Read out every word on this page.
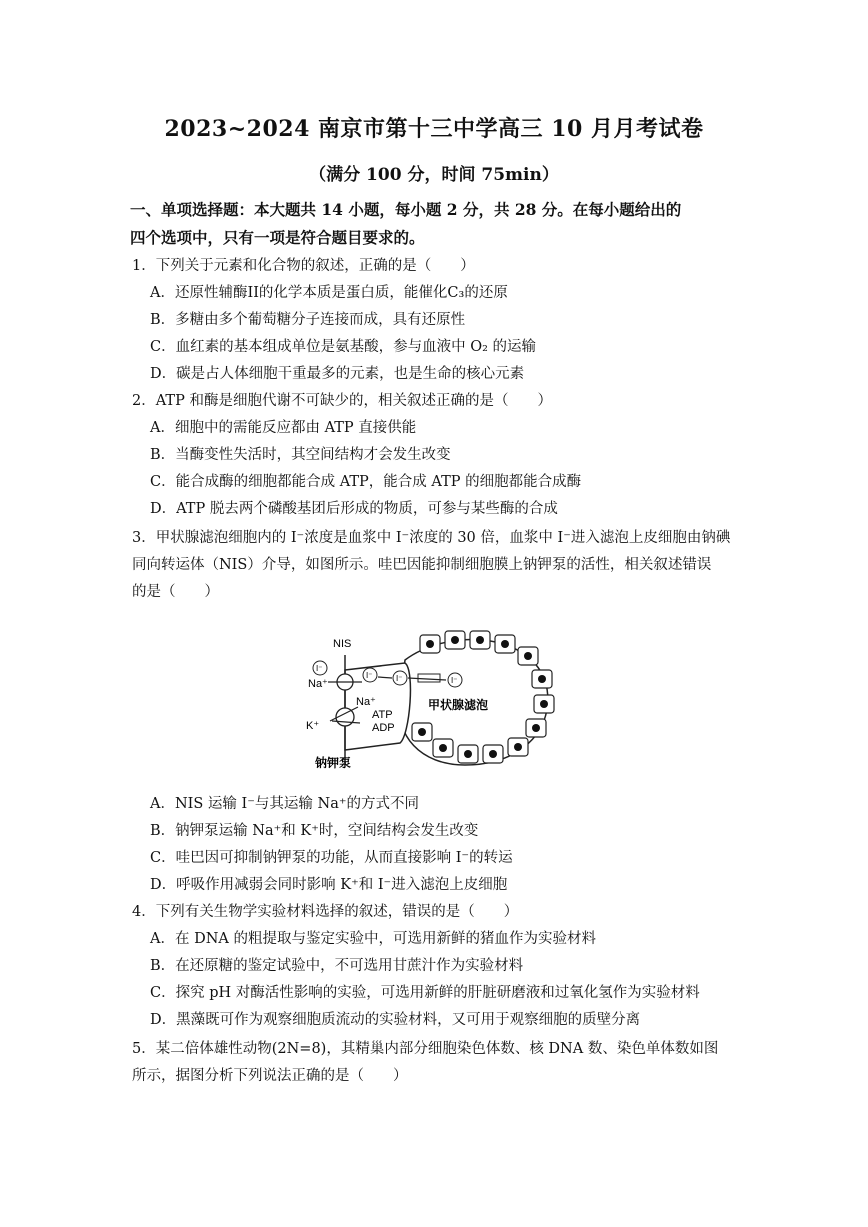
2023~2024 南京市第十三中学高三 10 月月考试卷
（满分 100 分，时间 75min）
一、单项选择题：本大题共 14 小题，每小题 2 分，共 28 分。在每小题给出的
四个选项中，只有一项是符合题目要求的。
1．下列关于元素和化合物的叙述，正确的是（　　）
A．还原性辅酶II的化学本质是蛋白质，能催化C₃的还原
B．多糖由多个葡萄糖分子连接而成，具有还原性
C．血红素的基本组成单位是氨基酸，参与血液中 O₂ 的运输
D．碳是占人体细胞干重最多的元素，也是生命的核心元素
2．ATP 和酶是细胞代谢不可缺少的，相关叙述正确的是（　　）
A．细胞中的需能反应都由 ATP 直接供能
B．当酶变性失活时，其空间结构才会发生改变
C．能合成酶的细胞都能合成 ATP，能合成 ATP 的细胞都能合成酶
D．ATP 脱去两个磷酸基团后形成的物质，可参与某些酶的合成
3．甲状腺滤泡细胞内的 I⁻浓度是血浆中 I⁻浓度的 30 倍，血浆中 I⁻进入滤泡上皮细胞由钠碘
同向转运体（NIS）介导，如图所示。哇巴因能抑制细胞膜上钠钾泵的活性，相关叙述错误
的是（　　）
NIS
I⁻
I⁻	I⁻	I⁻
Na⁺
Na⁺
K⁺
ATP
ADP
钠钾泵
甲状腺滤泡
A．NIS 运输 I⁻与其运输 Na⁺的方式不同
B．钠钾泵运输 Na⁺和 K⁺时，空间结构会发生改变
C．哇巴因可抑制钠钾泵的功能，从而直接影响 I⁻的转运
D．呼吸作用减弱会同时影响 K⁺和 I⁻进入滤泡上皮细胞
4．下列有关生物学实验材料选择的叙述，错误的是（　　）
A．在 DNA 的粗提取与鉴定实验中，可选用新鲜的猪血作为实验材料
B．在还原糖的鉴定试验中，不可选用甘蔗汁作为实验材料
C．探究 pH 对酶活性影响的实验，可选用新鲜的肝脏研磨液和过氧化氢作为实验材料
D．黑藻既可作为观察细胞质流动的实验材料，又可用于观察细胞的质壁分离
5．某二倍体雄性动物(2N=8)，其精巢内部分细胞染色体数、核 DNA 数、染色单体数如图
所示，据图分析下列说法正确的是（　　）
